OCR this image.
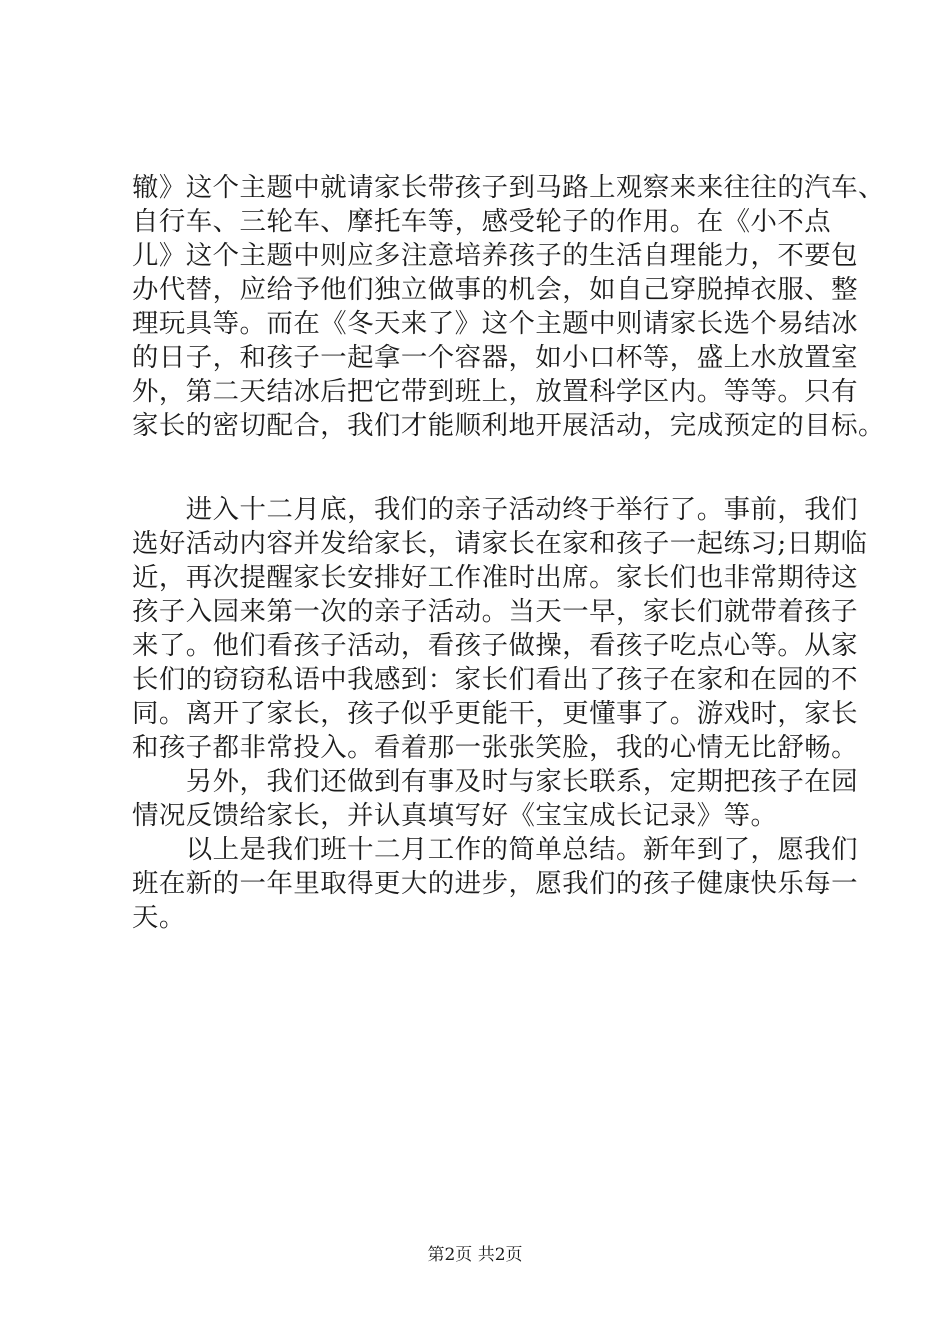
辙》这个主题中就请家长带孩子到马路上观察来来往往的汽车、
自行车、三轮车、摩托车等，感受轮子的作用。在《小不点
儿》这个主题中则应多注意培养孩子的生活自理能力，不要包
办代替，应给予他们独立做事的机会，如自己穿脱掉衣服、整
理玩具等。而在《冬天来了》这个主题中则请家长选个易结冰
的日子，和孩子一起拿一个容器，如小口杯等，盛上水放置室
外，第二天结冰后把它带到班上，放置科学区内。等等。只有
家长的密切配合，我们才能顺利地开展活动，完成预定的目标。
　　进入十二月底，我们的亲子活动终于举行了。事前，我们
选好活动内容并发给家长，请家长在家和孩子一起练习;日期临
近，再次提醒家长安排好工作准时出席。家长们也非常期待这
孩子入园来第一次的亲子活动。当天一早，家长们就带着孩子
来了。他们看孩子活动，看孩子做操，看孩子吃点心等。从家
长们的窃窃私语中我感到：家长们看出了孩子在家和在园的不
同。离开了家长，孩子似乎更能干，更懂事了。游戏时，家长
和孩子都非常投入。看着那一张张笑脸，我的心情无比舒畅。
　　另外，我们还做到有事及时与家长联系，定期把孩子在园
情况反馈给家长，并认真填写好《宝宝成长记录》等。
　　以上是我们班十二月工作的简单总结。新年到了，愿我们
班在新的一年里取得更大的进步，愿我们的孩子健康快乐每一
天。
第2页 共2页
